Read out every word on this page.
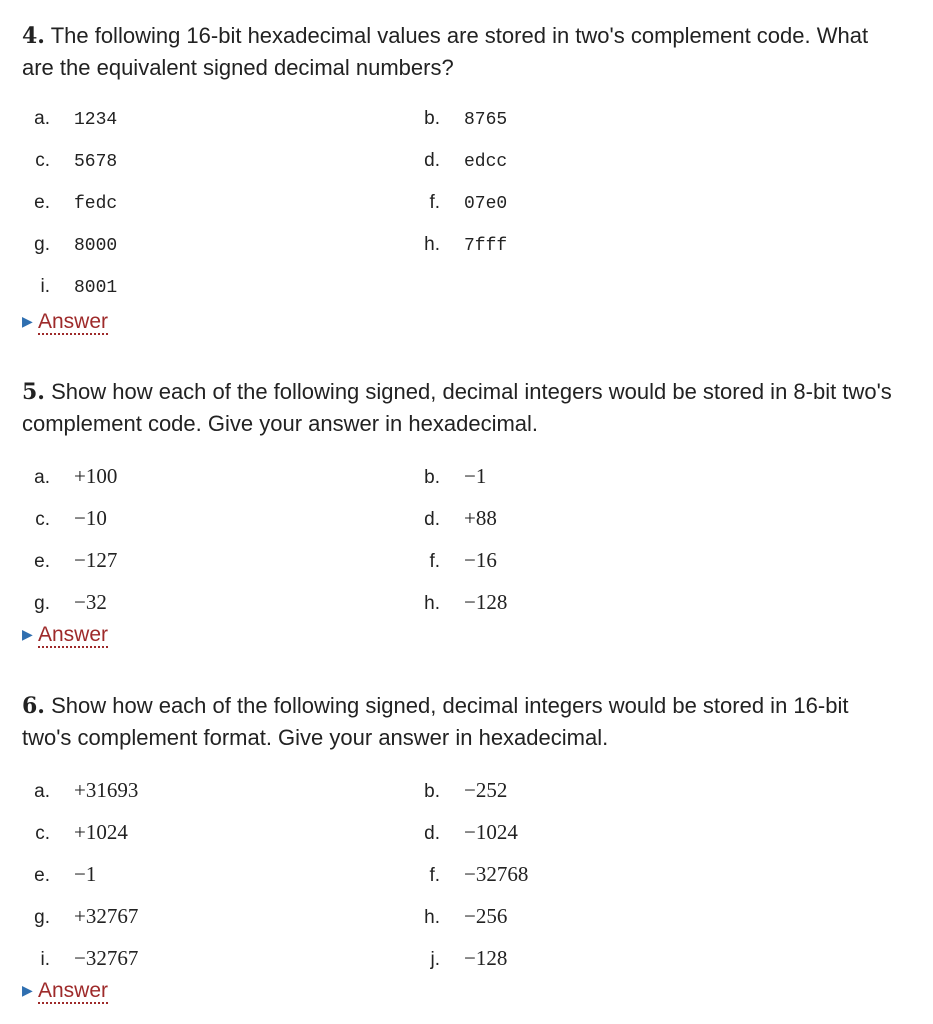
4. The following 16-bit hexadecimal values are stored in two's complement code. What are the equivalent signed decimal numbers?

a. 1234	b. 8765
c. 5678	d. edcc
e. fedc	f. 07e0
g. 8000	h. 7fff
i. 8001
▶ Answer

5. Show how each of the following signed, decimal integers would be stored in 8-bit two's complement code. Give your answer in hexadecimal.

a. +100	b. −1
c. −10	d. +88
e. −127	f. −16
g. −32	h. −128
▶ Answer

6. Show how each of the following signed, decimal integers would be stored in 16-bit two's complement format. Give your answer in hexadecimal.

a. +31693	b. −252
c. +1024	d. −1024
e. −1	f. −32768
g. +32767	h. −256
i. −32767	j. −128
▶ Answer
